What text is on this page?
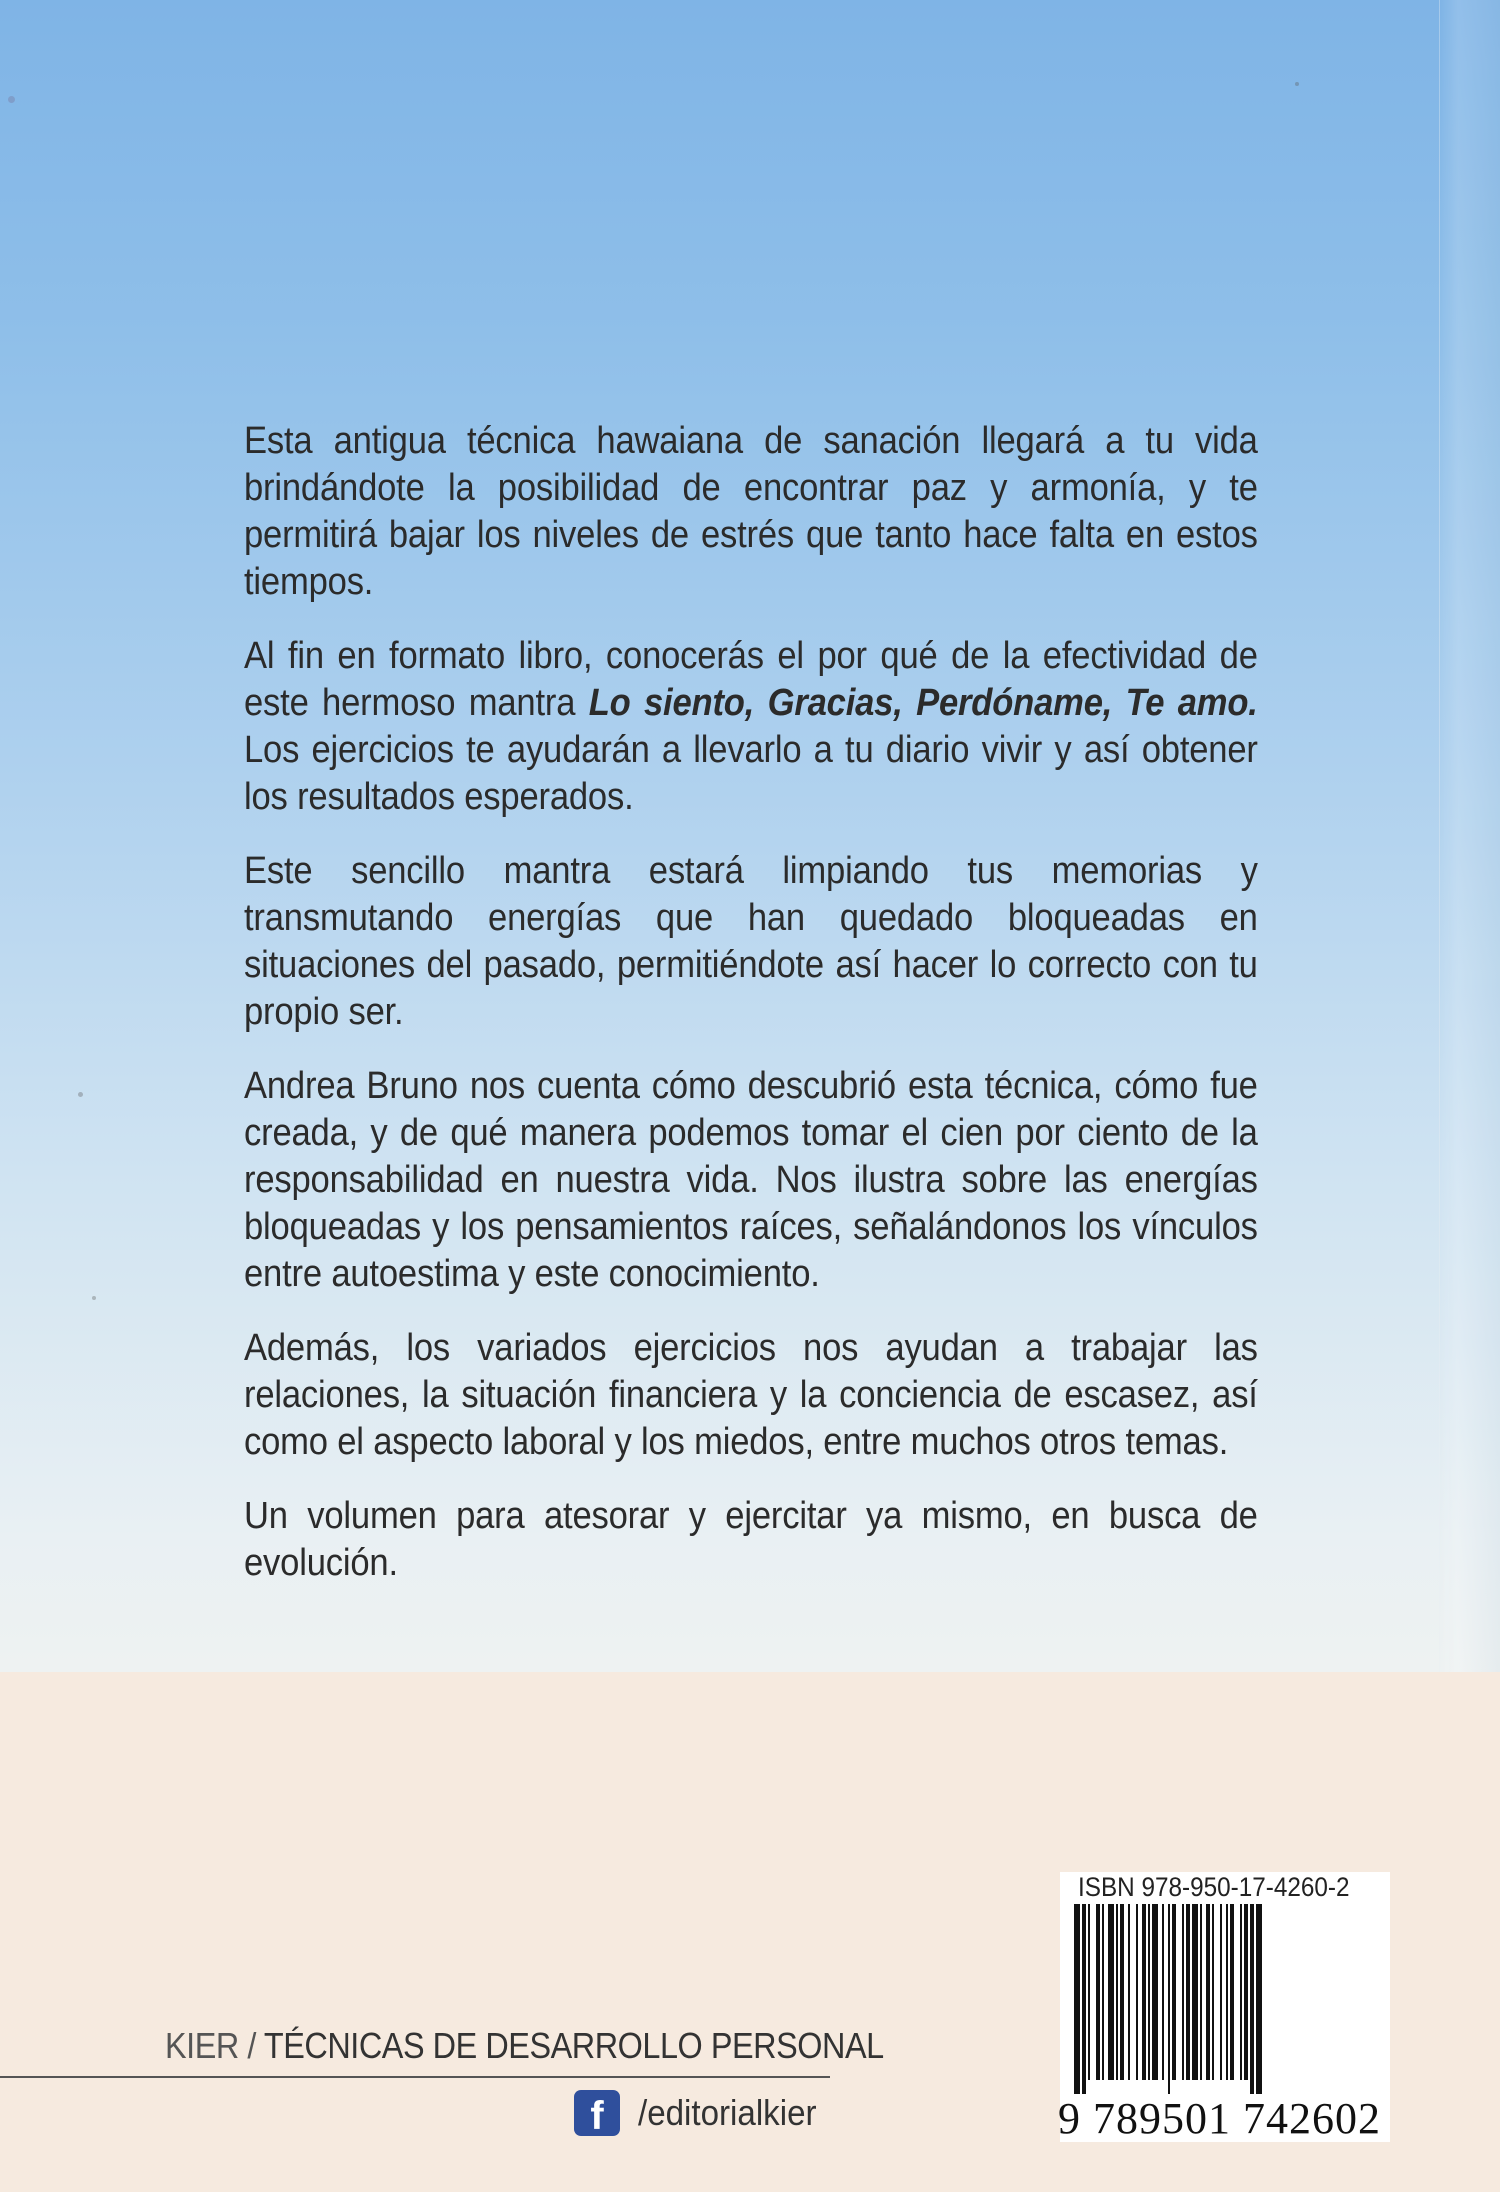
Esta antigua técnica hawaiana de sanación llegará a tu vida brindándote la posibilidad de encontrar paz y armonía, y te permitirá bajar los niveles de estrés que tanto hace falta en estos tiempos.

Al fin en formato libro, conocerás el por qué de la efectividad de este hermoso mantra Lo siento, Gracias, Perdóname, Te amo. Los ejercicios te ayudarán a llevarlo a tu diario vivir y así obtener los resultados esperados.

Este sencillo mantra estará limpiando tus memorias y transmutando energías que han quedado bloqueadas en situaciones del pasado, permitiéndote así hacer lo correcto con tu propio ser.

Andrea Bruno nos cuenta cómo descubrió esta técnica, cómo fue creada, y de qué manera podemos tomar el cien por ciento de la responsabilidad en nuestra vida. Nos ilustra sobre las energías bloqueadas y los pensamientos raíces, señalándonos los vínculos entre autoestima y este conocimiento.

Además, los variados ejercicios nos ayudan a trabajar las relaciones, la situación financiera y la conciencia de escasez, así como el aspecto laboral y los miedos, entre muchos otros temas.

Un volumen para atesorar y ejercitar ya mismo, en busca de evolución.

KIER / TÉCNICAS DE DESARROLLO PERSONAL
f /editorialkier
ISBN 978-950-17-4260-2
9 789501 742602
